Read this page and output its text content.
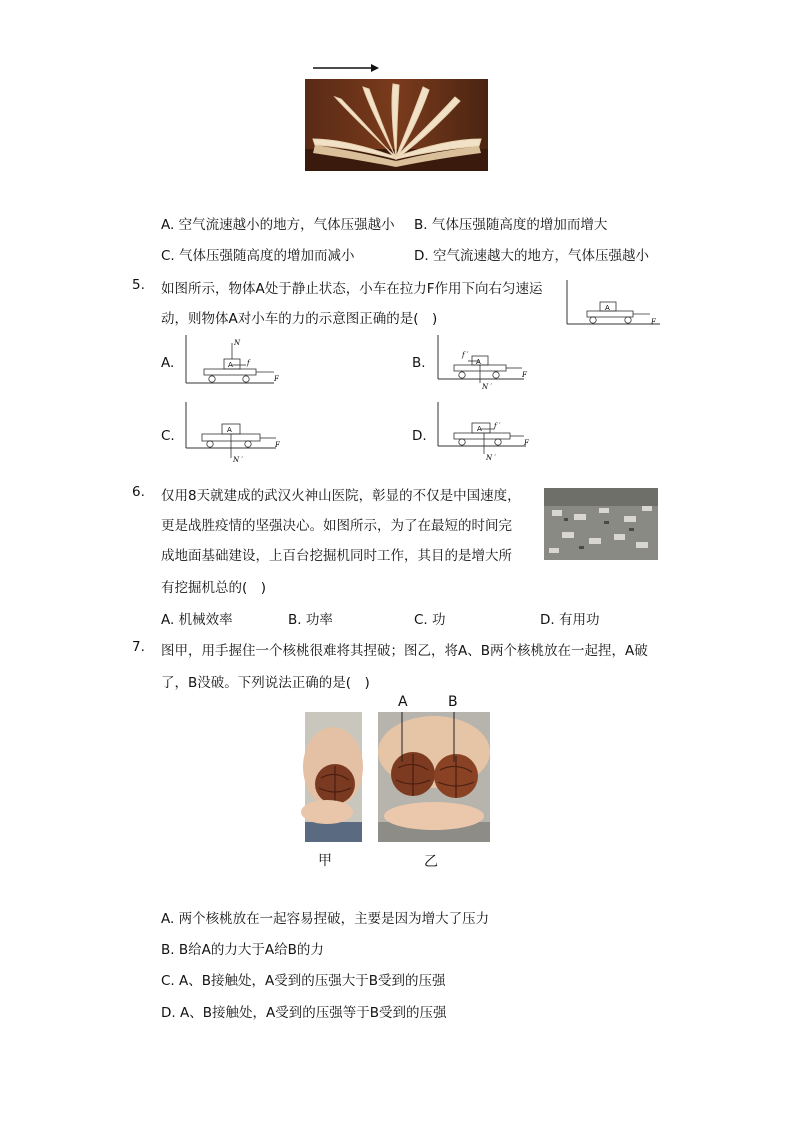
A. 空气流速越小的地方，气体压强越小 B. 气体压强随高度的增加而增大
C. 气体压强随高度的增加而减小	D. 空气流速越大的地方，气体压强越小
5. 如图所示，物体A处于静止状态，小车在拉力F作用下向右匀速运
动，则物体A对小车的力的示意图正确的是(　)
A
F
A.	A
N
f
F
B.	A
f ′
N ′
F
C.	A
N ′
F
D.	A f ′
N ′
F
6. 仅用8天就建成的武汉火神山医院，彰显的不仅是中国速度，
更是战胜疫情的坚强决心。如图所示，为了在最短的时间完
成地面基础建设，上百台挖掘机同时工作，其目的是增大所
有挖掘机总的(　)
A. 机械效率	B. 功率	C. 功	D. 有用功
7. 图甲，用手握住一个核桃很难将其捏破；图乙，将A、B两个核桃放在一起捏，A破
了，B没破。下列说法正确的是(　)
A	B
甲	乙
A. 两个核桃放在一起容易捏破，主要是因为增大了压力
B. B给A的力大于A给B的力
C. A、B接触处，A受到的压强大于B受到的压强
D. A、B接触处，A受到的压强等于B受到的压强
